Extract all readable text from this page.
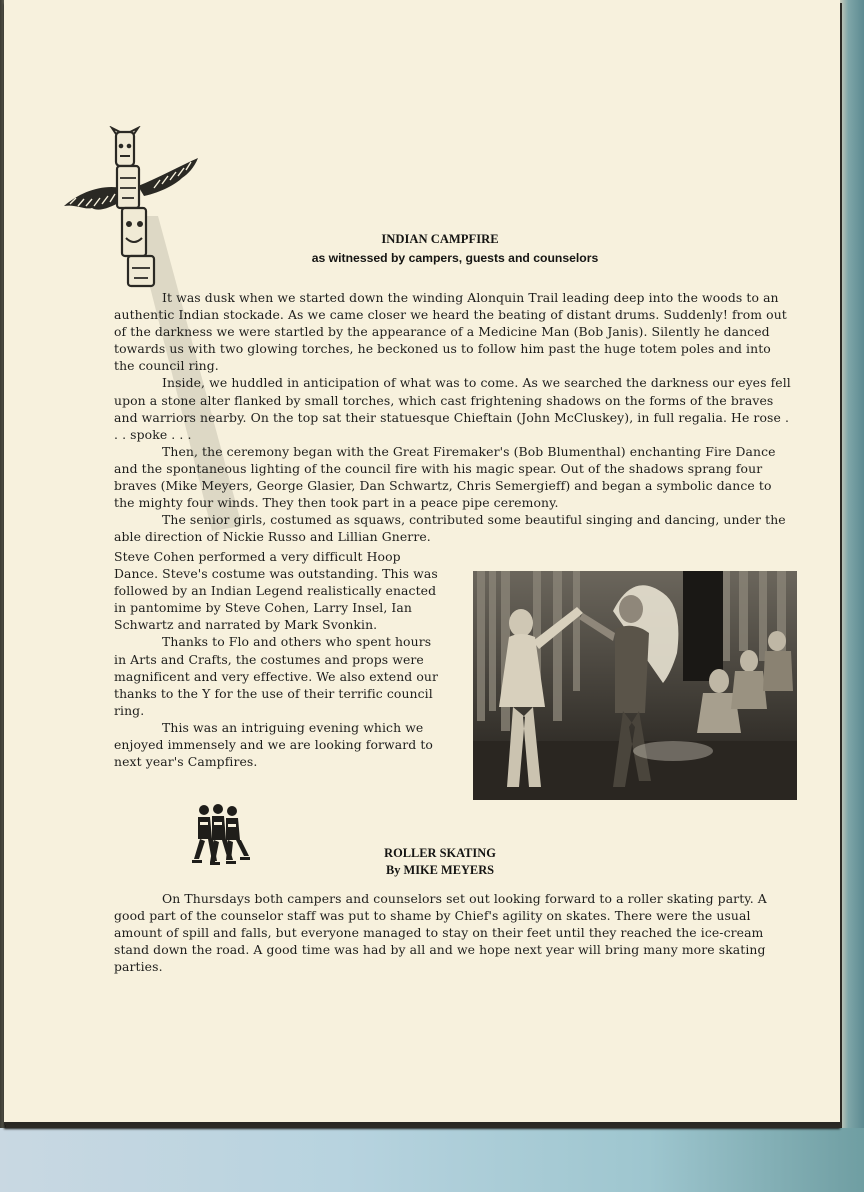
INDIAN CAMPFIRE
as witnessed by campers, guests and counselors

It was dusk when we started down the winding Alonquin Trail leading deep into the woods to an authentic Indian stockade. As we came closer we heard the beating of distant drums. Suddenly! from out of the darkness we were startled by the appearance of a Medicine Man (Bob Janis). Silently he danced towards us with two glowing torches, he beckoned us to follow him past the huge totem poles and into the council ring.

Inside, we huddled in anticipation of what was to come. As we searched the darkness our eyes fell upon a stone alter flanked by small torches, which cast frightening shadows on the forms of the braves and warriors nearby. On the top sat their statuesque Chieftain (John McCluskey), in full regalia. He rose . . . spoke . . .

Then, the ceremony began with the Great Firemaker's (Bob Blumenthal) enchanting Fire Dance and the spontaneous lighting of the council fire with his magic spear. Out of the shadows sprang four braves (Mike Meyers, George Glasier, Dan Schwartz, Chris Semergieff) and began a symbolic dance to the mighty four winds. They then took part in a peace pipe ceremony.

The senior girls, costumed as squaws, contributed some beautiful singing and dancing, under the able direction of Nickie Russo and Lillian Gnerre.

Steve Cohen performed a very difficult Hoop Dance. Steve's costume was outstanding. This was followed by an Indian Legend realistically enacted in pantomime by Steve Cohen, Larry Insel, Ian Schwartz and narrated by Mark Svonkin.

Thanks to Flo and others who spent hours in Arts and Crafts, the costumes and props were magnificent and very effective. We also extend our thanks to the Y for the use of their terrific council ring.

This was an intriguing evening which we enjoyed immensely and we are looking forward to next year's Campfires.

ROLLER SKATING
By MIKE MEYERS

On Thursdays both campers and counselors set out looking forward to a roller skating party. A good part of the counselor staff was put to shame by Chief's agility on skates. There were the usual amount of spill and falls, but everyone managed to stay on their feet until they reached the ice-cream stand down the road. A good time was had by all and we hope next year will bring many more skating parties.
